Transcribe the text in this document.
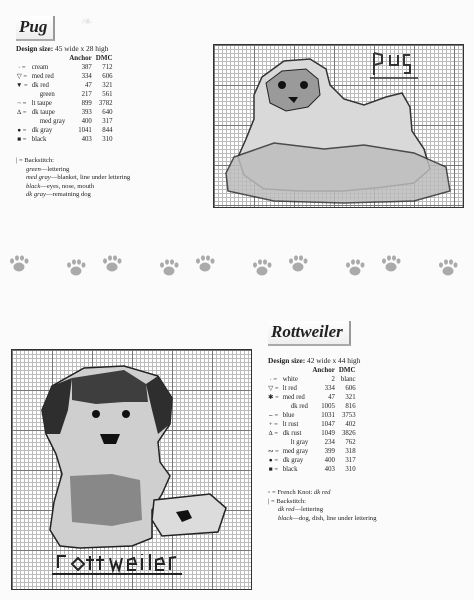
❧
Pug
Design size: 45 wide x 28 high
		Anchor	DMC
· =	cream	387	712
▽ =	med red	334	606
▼ =	dk red	47	321
	green	217	561
~ =	lt taupe	899	3782
∆ =	dk taupe	393	640
	med gray	400	317
● =	dk gray	1041	844
■ =	black	403	310
| = Backstitch:
green—lettering
med gray—blanket, line under lettering
black—eyes, nose, mouth
dk gray—remaining dog
Rottweiler
Design size: 42 wide x 44 high
		Anchor	DMC
· =	white	2	blanc
▽ =	lt red	334	606
✱ =	med red	47	321
	dk red	1005	816
⌢ =	blue	1031	3753
+ =	lt rust	1047	402
∆ =	dk rust	1049	3826
	lt gray	234	762
∾ =	med gray	399	318
● =	dk gray	400	317
■ =	black	403	310
◦ = French Knot: dk red
| = Backstitch:
dk red—lettering
black—dog, dish, line under lettering
